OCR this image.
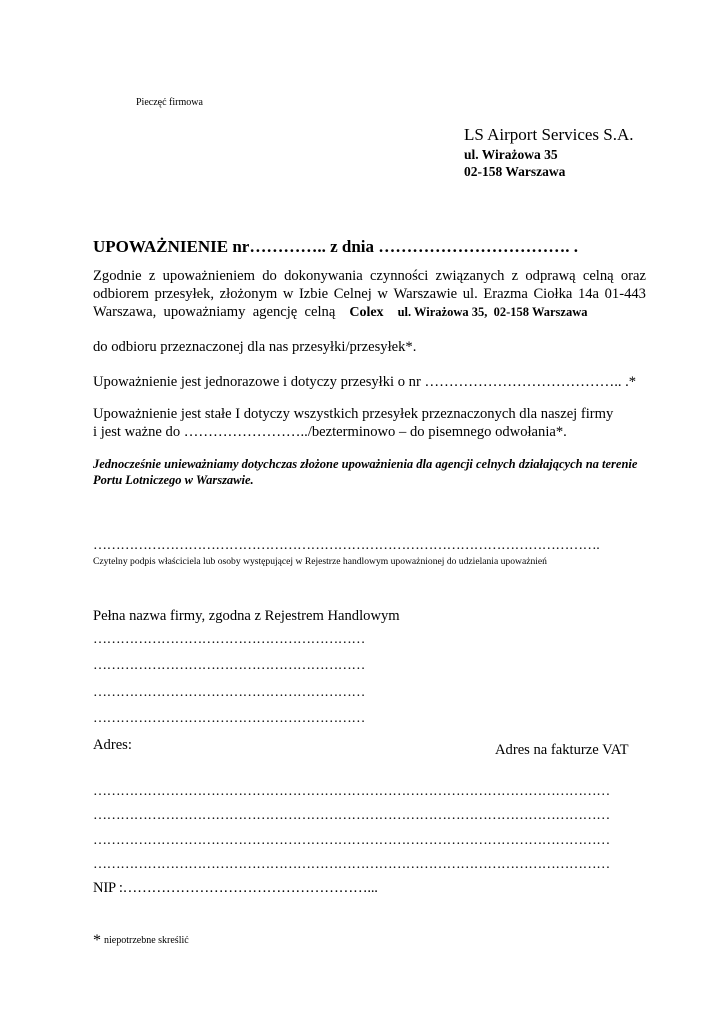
Pieczęć firmowa
LS Airport Services S.A.
ul. Wirażowa 35
02-158 Warszawa
UPOWAŻNIENIE nr………….. z dnia ……………………………. .
Zgodnie z upoważnieniem do dokonywania czynności związanych z odprawą celną oraz
odbiorem przesyłek, złożonym w Izbie Celnej w Warszawie ul. Erazma Ciołka 14a 01-443
Warszawa,  upoważniamy  agencję  celną Colex ul. Wirażowa 35,  02-158 Warszawa
do odbioru przeznaczonej dla nas przesyłki/przesyłek*.
Upoważnienie jest jednorazowe i dotyczy przesyłki o nr ………………………………….. .*
Upoważnienie jest stałe I dotyczy wszystkich przesyłek przeznaczonych dla naszej firmy
i jest ważne do ……………………../bezterminowo – do pisemnego odwołania*.
Jednocześnie unieważniamy dotychczas złożone upoważnienia dla agencji celnych działających na terenie Portu Lotniczego w Warszawie.
………………………………………………………………………………………………….
Czytelny podpis właściciela lub osoby występującej w Rejestrze handlowym upoważnionej do udzielania upoważnień
Pełna nazwa firmy, zgodna z Rejestrem Handlowym
……………………………………………………
……………………………………………………
……………………………………………………
……………………………………………………
Adres:	Adres na fakturze VAT
……………………………………………………………………………………………………
……………………………………………………………………………………………………
……………………………………………………………………………………………………
……………………………………………………………………………………………………
NIP :……………………………………………...
* niepotrzebne skreślić
